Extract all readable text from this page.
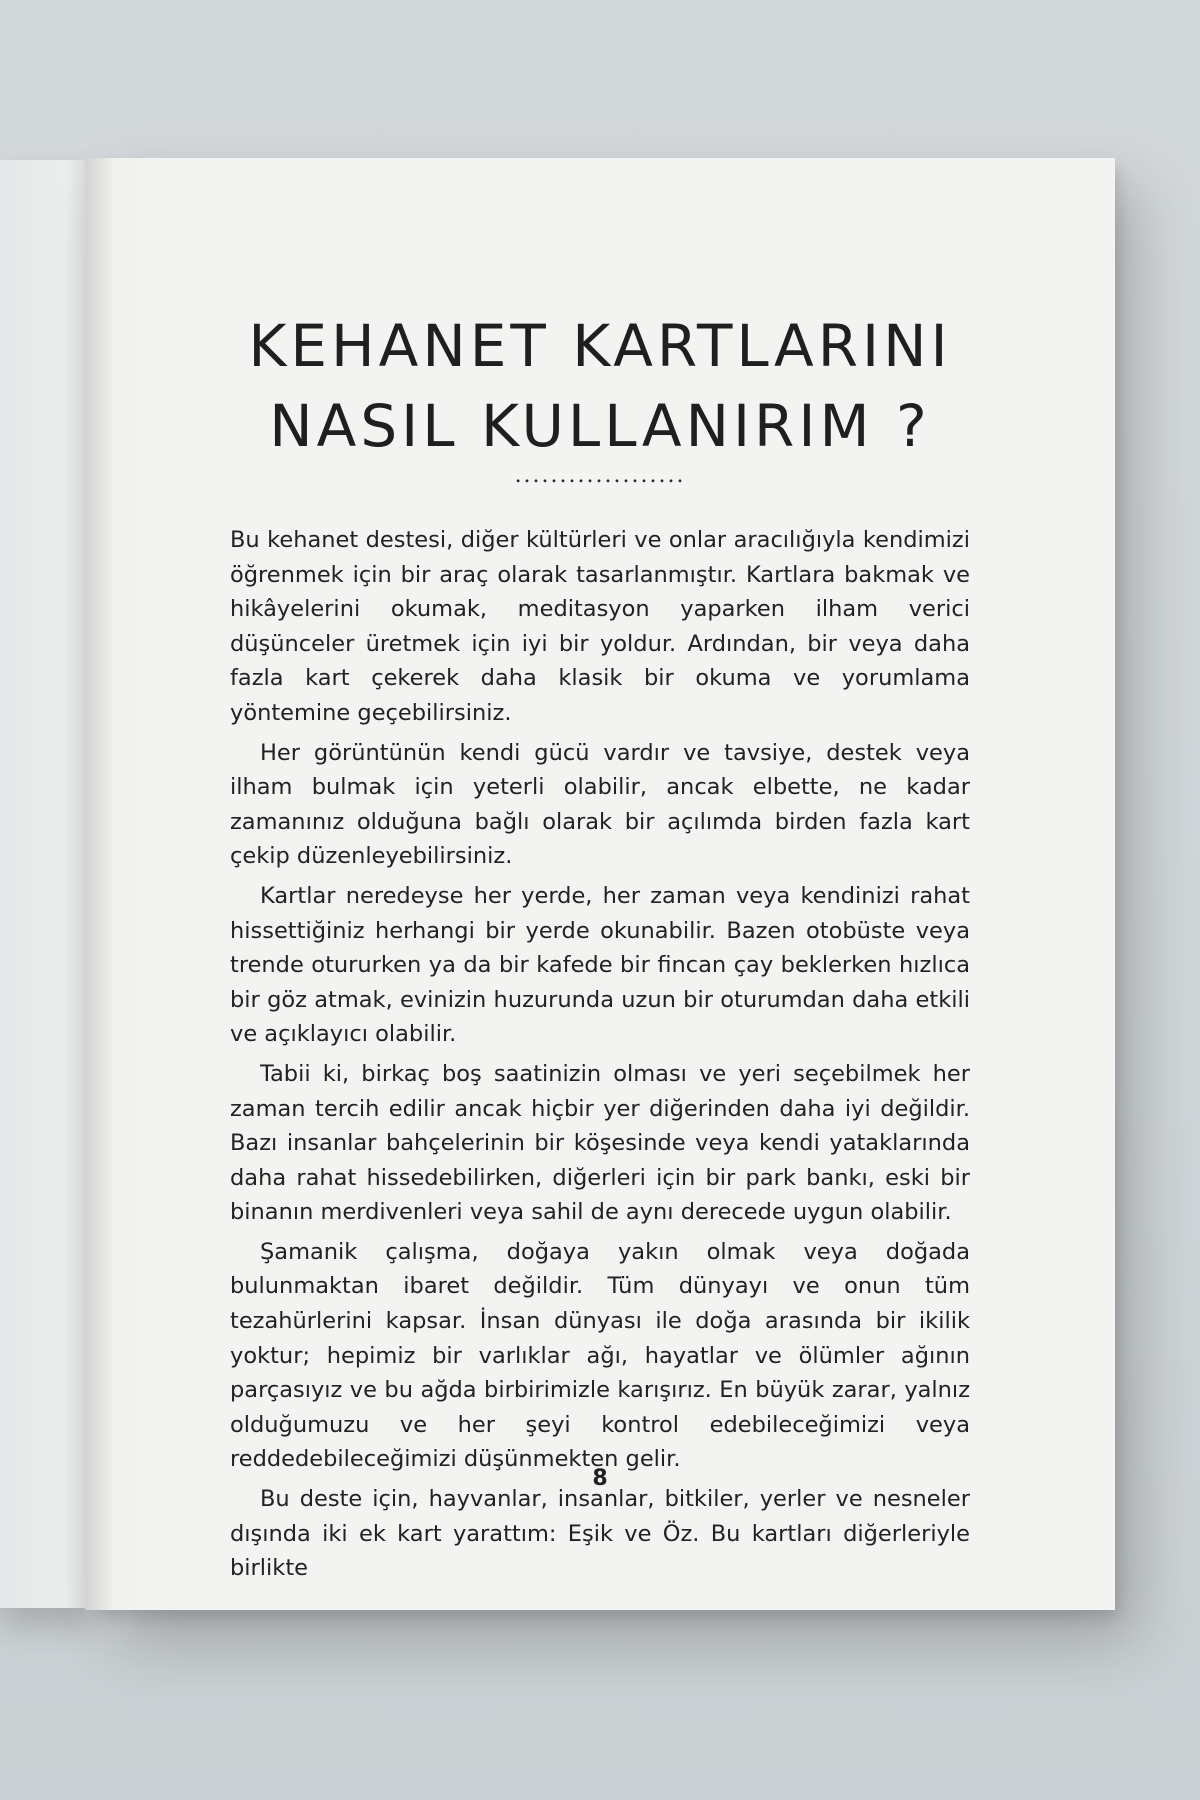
KEHANET KARTLARINI
NASIL KULLANIRIM ?
...................

Bu kehanet destesi, diğer kültürleri ve onlar aracılığıyla kendimizi öğrenmek için bir araç olarak tasarlanmıştır. Kartlara bakmak ve hikâyelerini okumak, meditasyon yaparken ilham verici düşünceler üretmek için iyi bir yoldur. Ardından, bir veya daha fazla kart çekerek daha klasik bir okuma ve yorumlama yöntemine geçebilirsiniz.

Her görüntünün kendi gücü vardır ve tavsiye, destek veya ilham bulmak için yeterli olabilir, ancak elbette, ne kadar zamanınız olduğuna bağlı olarak bir açılımda birden fazla kart çekip düzenleyebilirsiniz.

Kartlar neredeyse her yerde, her zaman veya kendinizi rahat hissettiğiniz herhangi bir yerde okunabilir. Bazen otobüste veya trende otururken ya da bir kafede bir fincan çay beklerken hızlıca bir göz atmak, evinizin huzurunda uzun bir oturumdan daha etkili ve açıklayıcı olabilir.

Tabii ki, birkaç boş saatinizin olması ve yeri seçebilmek her zaman tercih edilir ancak hiçbir yer diğerinden daha iyi değildir. Bazı insanlar bahçelerinin bir köşesinde veya kendi yataklarında daha rahat hissedebilirken, diğerleri için bir park bankı, eski bir binanın merdivenleri veya sahil de aynı derecede uygun olabilir.

Şamanik çalışma, doğaya yakın olmak veya doğada bulunmaktan ibaret değildir. Tüm dünyayı ve onun tüm tezahürlerini kapsar. İnsan dünyası ile doğa arasında bir ikilik yoktur; hepimiz bir varlıklar ağı, hayatlar ve ölümler ağının parçasıyız ve bu ağda birbirimizle karışırız. En büyük zarar, yalnız olduğumuzu ve her şeyi kontrol edebileceğimizi veya reddedebileceğimizi düşünmekten gelir.

Bu deste için, hayvanlar, insanlar, bitkiler, yerler ve nesneler dışında iki ek kart yarattım: Eşik ve Öz. Bu kartları diğerleriyle birlikte

8
